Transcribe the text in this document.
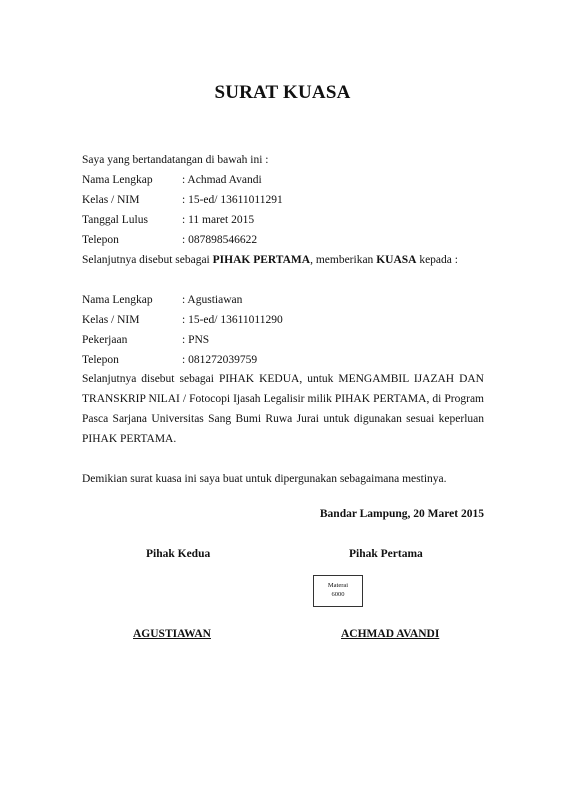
SURAT KUASA
Saya yang bertandatangan di bawah ini :
Nama Lengkap	: Achmad Avandi
Kelas / NIM	: 15-ed/ 13611011291
Tanggal Lulus	: 11 maret 2015
Telepon	: 087898546622
Selanjutnya disebut sebagai PIHAK PERTAMA, memberikan KUASA kepada :
Nama Lengkap	: Agustiawan
Kelas / NIM	: 15-ed/ 13611011290
Pekerjaan	: PNS
Telepon	: 081272039759
Selanjutnya disebut sebagai PIHAK KEDUA, untuk MENGAMBIL IJAZAH DAN
TRANSKRIP NILAI / Fotocopi Ijasah Legalisir milik PIHAK PERTAMA, di Program
Pasca Sarjana Universitas Sang Bumi Ruwa Jurai untuk digunakan sesuai keperluan
PIHAK PERTAMA.
Demikian surat kuasa ini saya buat untuk dipergunakan sebagaimana mestinya.
Bandar Lampung, 20 Maret 2015
Pihak Kedua	Pihak Pertama
Materai
6000
AGUSTIAWAN	ACHMAD AVANDI
